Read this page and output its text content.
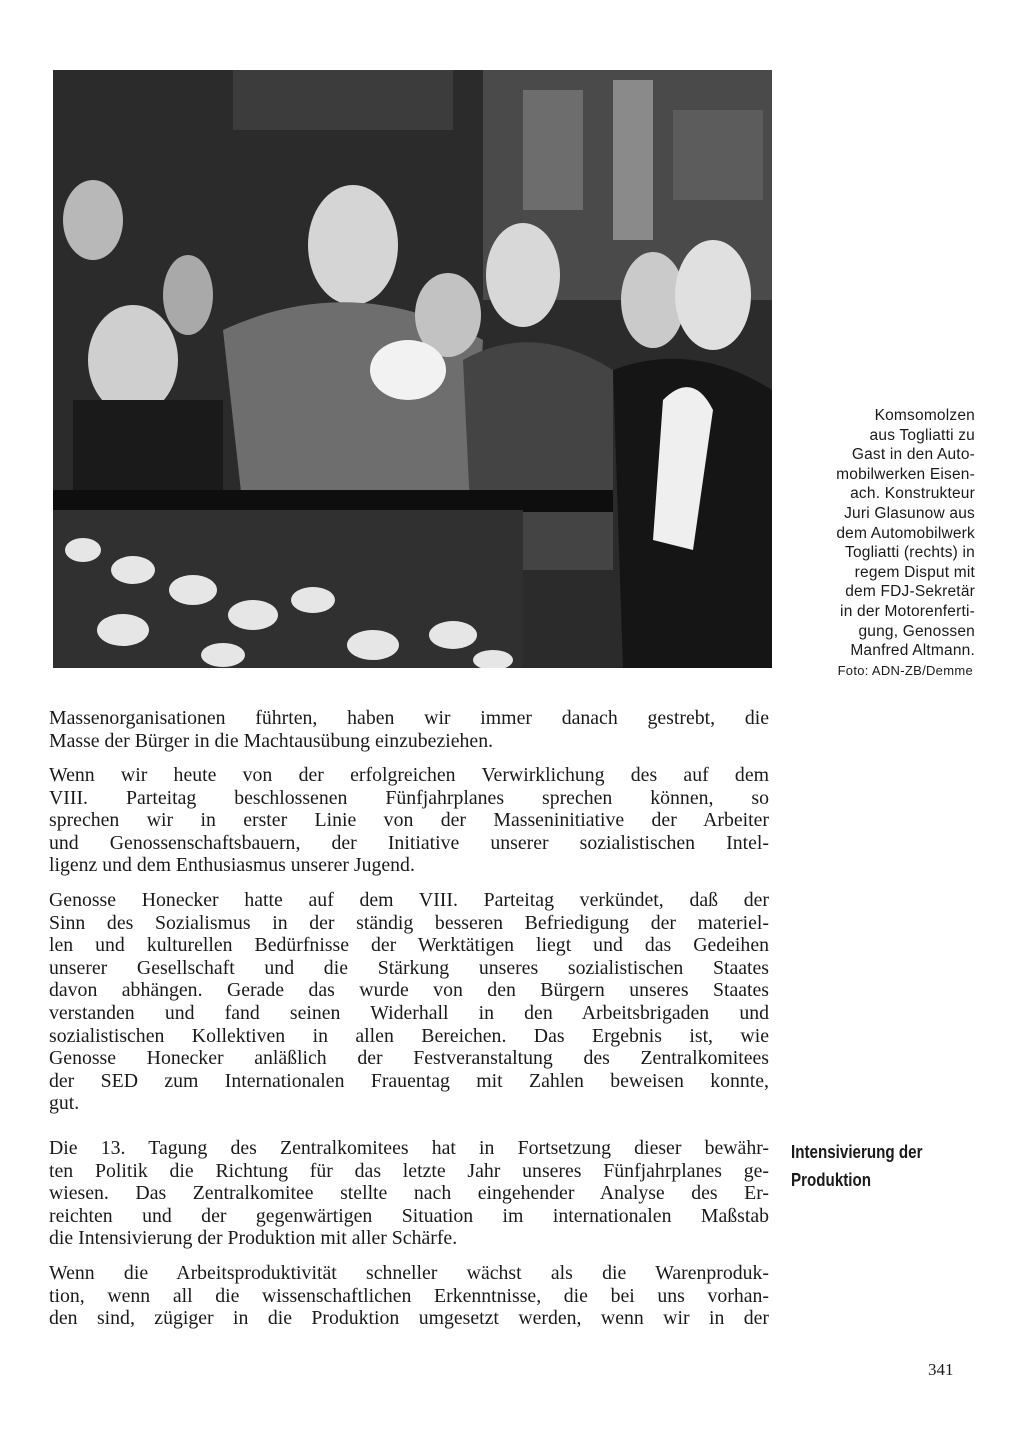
Komsomolzen
aus Togliatti zu
Gast in den Auto-
mobilwerken Eisen-
ach. Konstrukteur
Juri Glasunow aus
dem Automobilwerk
Togliatti (rechts) in
regem Disput mit
dem FDJ-Sekretär
in der Motorenferti-
gung, Genossen
Manfred Altmann.
Foto: ADN-ZB/Demme
Massenorganisationen führten, haben wir immer danach gestrebt, die
Masse der Bürger in die Machtausübung einzubeziehen.
Wenn wir heute von der erfolgreichen Verwirklichung des auf dem
VIII. Parteitag beschlossenen Fünfjahrplanes sprechen können, so
sprechen wir in erster Linie von der Masseninitiative der Arbeiter
und Genossenschaftsbauern, der Initiative unserer sozialistischen Intel-
ligenz und dem Enthusiasmus unserer Jugend.
Genosse Honecker hatte auf dem VIII. Parteitag verkündet, daß der
Sinn des Sozialismus in der ständig besseren Befriedigung der materiel-
len und kulturellen Bedürfnisse der Werktätigen liegt und das Gedeihen
unserer Gesellschaft und die Stärkung unseres sozialistischen Staates
davon abhängen. Gerade das wurde von den Bürgern unseres Staates
verstanden und fand seinen Widerhall in den Arbeitsbrigaden und
sozialistischen Kollektiven in allen Bereichen. Das Ergebnis ist, wie
Genosse Honecker anläßlich der Festveranstaltung des Zentralkomitees
der SED zum Internationalen Frauentag mit Zahlen beweisen konnte,
gut.
Die 13. Tagung des Zentralkomitees hat in Fortsetzung dieser bewähr-
ten Politik die Richtung für das letzte Jahr unseres Fünfjahrplanes ge-
wiesen. Das Zentralkomitee stellte nach eingehender Analyse des Er-
reichten und der gegenwärtigen Situation im internationalen Maßstab
die Intensivierung der Produktion mit aller Schärfe.
Wenn die Arbeitsproduktivität schneller wächst als die Warenproduk-
tion, wenn all die wissenschaftlichen Erkenntnisse, die bei uns vorhan-
den sind, zügiger in die Produktion umgesetzt werden, wenn wir in der
Intensivierung der
Produktion
341
